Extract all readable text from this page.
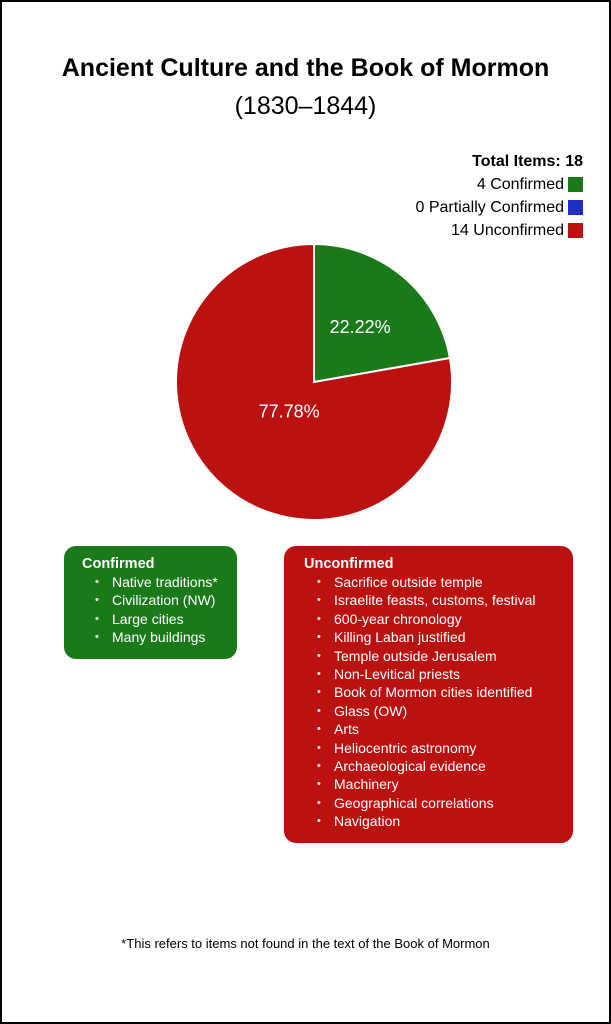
Ancient Culture and the Book of Mormon
(1830–1844)
Total Items: 18
4 Confirmed
0 Partially Confirmed
14 Unconfirmed
22.22%
77.78%
Confirmed
• Native traditions*
• Civilization (NW)
• Large cities
• Many buildings
Unconfirmed
• Sacrifice outside temple
• Israelite feasts, customs, festival
• 600-year chronology
• Killing Laban justified
• Temple outside Jerusalem
• Non-Levitical priests
• Book of Mormon cities identified
• Glass (OW)
• Arts
• Heliocentric astronomy
• Archaeological evidence
• Machinery
• Geographical correlations
• Navigation
*This refers to items not found in the text of the Book of Mormon
